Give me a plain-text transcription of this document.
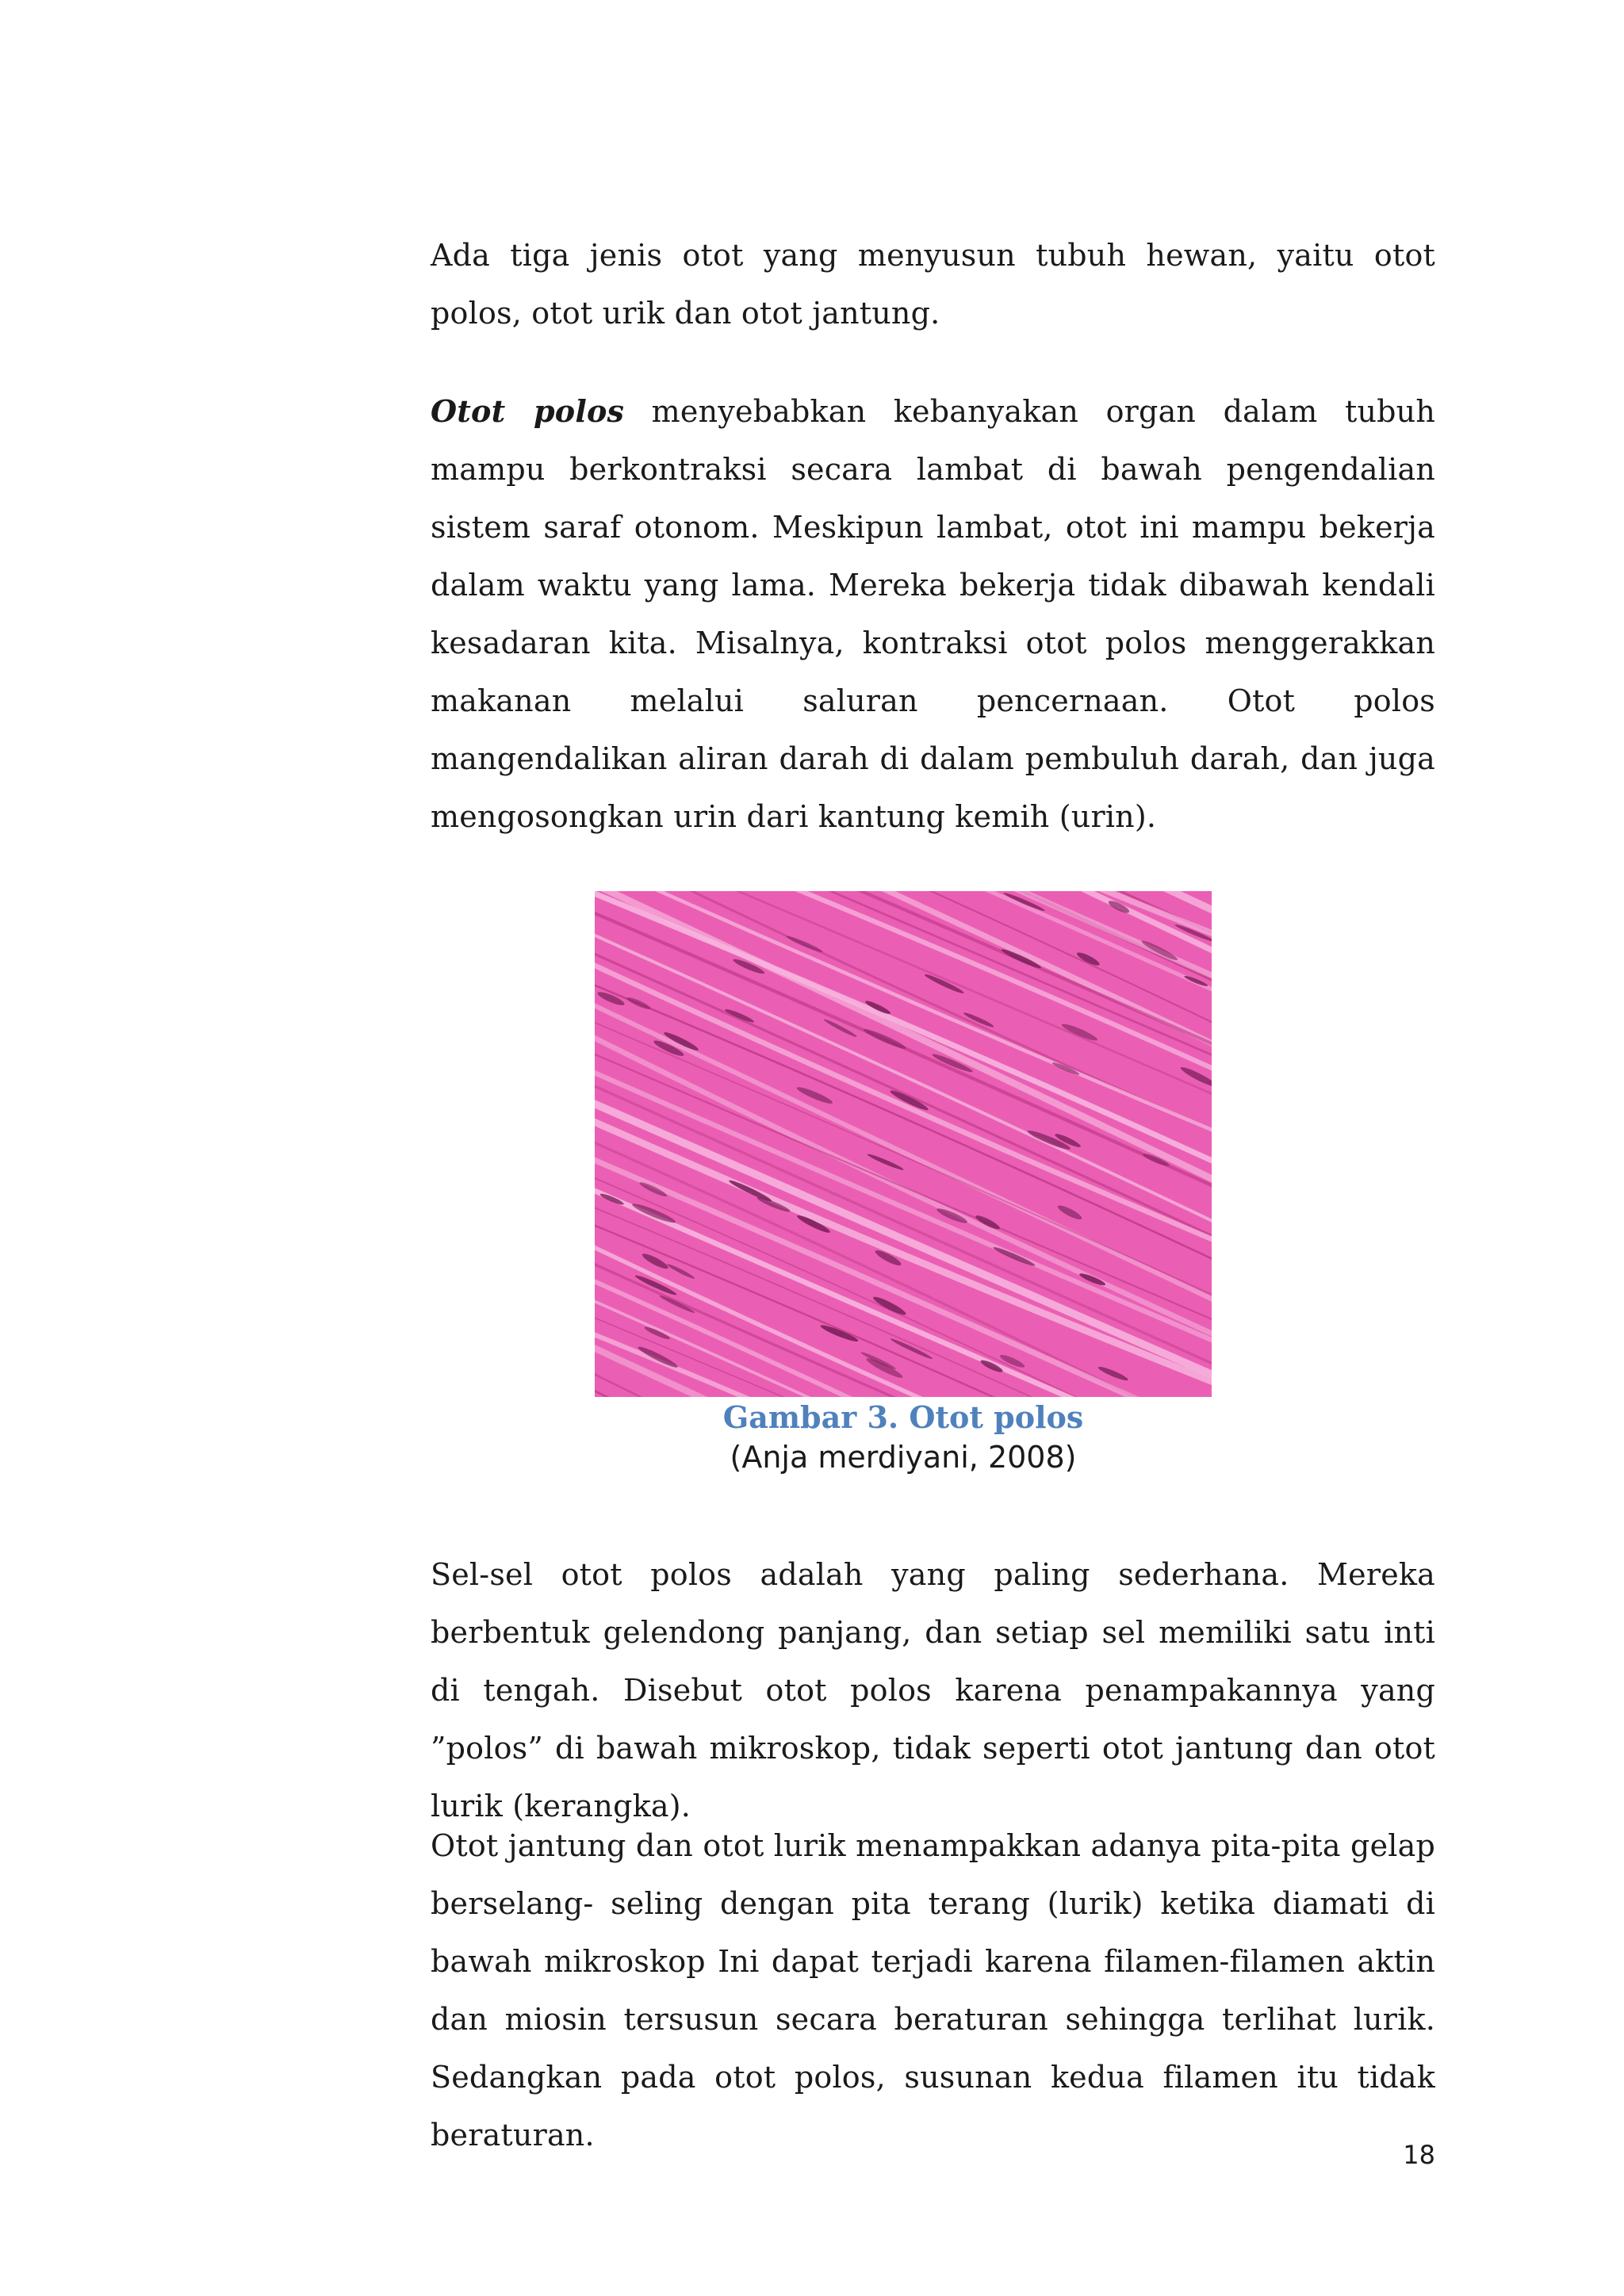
Ada tiga jenis otot yang menyusun tubuh hewan, yaitu otot polos, otot urik dan otot jantung.

Otot polos menyebabkan kebanyakan organ dalam tubuh mampu berkontraksi secara lambat di bawah pengendalian sistem saraf otonom. Meskipun lambat, otot ini mampu bekerja dalam waktu yang lama. Mereka bekerja tidak dibawah kendali kesadaran kita. Misalnya, kontraksi otot polos menggerakkan makanan melalui saluran pencernaan. Otot polos mangendalikan aliran darah di dalam pembuluh darah, dan juga mengosongkan urin dari kantung kemih (urin).

Gambar 3. Otot polos

(Anja merdiyani, 2008)

Sel-sel otot polos adalah yang paling sederhana. Mereka berbentuk gelendong panjang, dan setiap sel memiliki satu inti di tengah. Disebut otot polos karena penampakannya yang ”polos” di bawah mikroskop, tidak seperti otot jantung dan otot lurik (kerangka).

Otot jantung dan otot lurik menampakkan adanya pita-pita gelap berselang- seling dengan pita terang (lurik) ketika diamati di bawah mikroskop Ini dapat terjadi karena filamen-filamen aktin dan miosin tersusun secara beraturan sehingga terlihat lurik. Sedangkan pada otot polos, susunan kedua filamen itu tidak beraturan.

18
